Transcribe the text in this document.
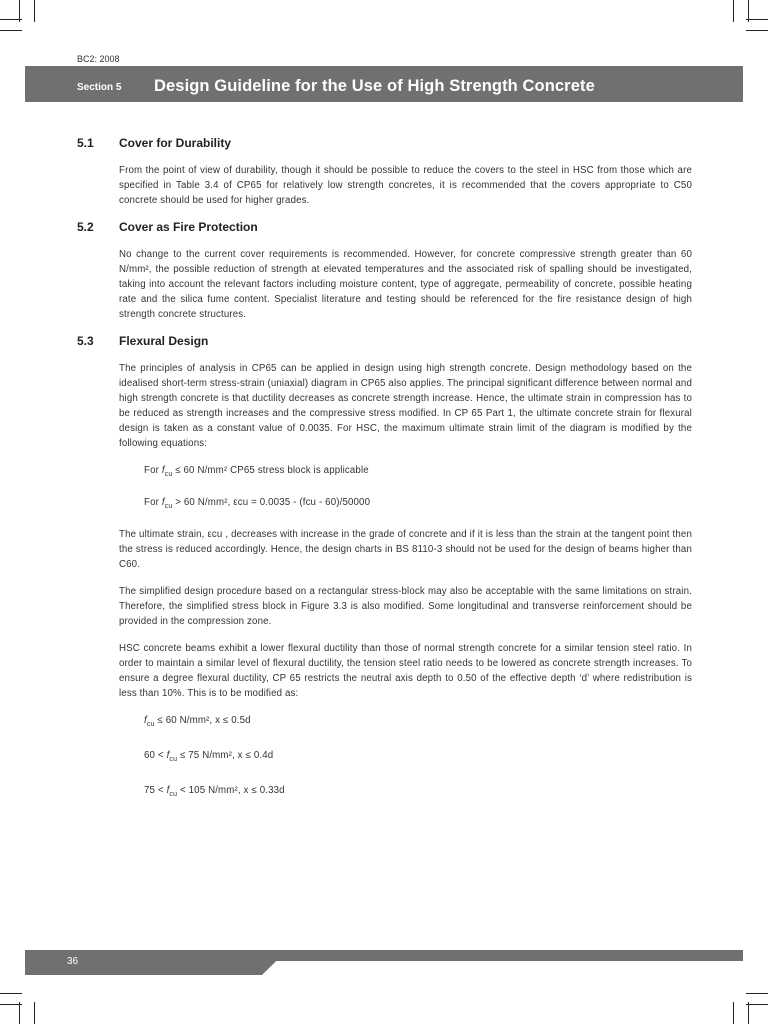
BC2: 2008
Section 5 Design Guideline for the Use of High Strength Concrete
5.1 Cover for Durability

From the point of view of durability, though it should be possible to reduce the covers to the steel in HSC from those which are specified in Table 3.4 of CP65 for relatively low strength concretes, it is recommended that the covers appropriate to C50 concrete should be used for higher grades.

5.2 Cover as Fire Protection

No change to the current cover requirements is recommended. However, for concrete compressive strength greater than 60 N/mm², the possible reduction of strength at elevated temperatures and the associated risk of spalling should be investigated, taking into account the relevant factors including moisture content, type of aggregate, permeability of concrete, possible heating rate and the silica fume content. Specialist literature and testing should be referenced for the fire resistance design of high strength concrete structures.

5.3 Flexural Design

The principles of analysis in CP65 can be applied in design using high strength concrete. Design methodology based on the idealised short-term stress-strain (uniaxial) diagram in CP65 also applies. The principal significant difference between normal and high strength concrete is that ductility decreases as concrete strength increase. Hence, the ultimate strain in compression has to be reduced as strength increases and the compressive stress modified. In CP 65 Part 1, the ultimate concrete strain for flexural design is taken as a constant value of 0.0035. For HSC, the maximum ultimate strain limit of the diagram is modified by the following equations:

For $f_{cu} \le 60$ N/mm² CP65 stress block is applicable
For $f_{cu} > 60$ N/mm², εcu = 0.0035 - (fcu - 60)/50000

The ultimate strain, εcu , decreases with increase in the grade of concrete and if it is less than the strain at the tangent point then the stress is reduced accordingly. Hence, the design charts in BS 8110-3 should not be used for the design of beams higher than C60.

The simplified design procedure based on a rectangular stress-block may also be acceptable with the same limitations on strain. Therefore, the simplified stress block in Figure 3.3 is also modified. Some longitudinal and transverse reinforcement should be provided in the compression zone.

HSC concrete beams exhibit a lower flexural ductility than those of normal strength concrete for a similar tension steel ratio. In order to maintain a similar level of flexural ductility, the tension steel ratio needs to be lowered as concrete strength increases. To ensure a degree flexural ductility, CP 65 restricts the neutral axis depth to 0.50 of the effective depth ‘d’ where redistribution is less than 10%. This is to be modified as:

$f_{cu} \le 60$ N/mm², x ≤ 0.5d
$60 < f_{cu} \le 75$ N/mm², x ≤ 0.4d
$75 < f_{cu} < 105$ N/mm², x ≤ 0.33d
36
